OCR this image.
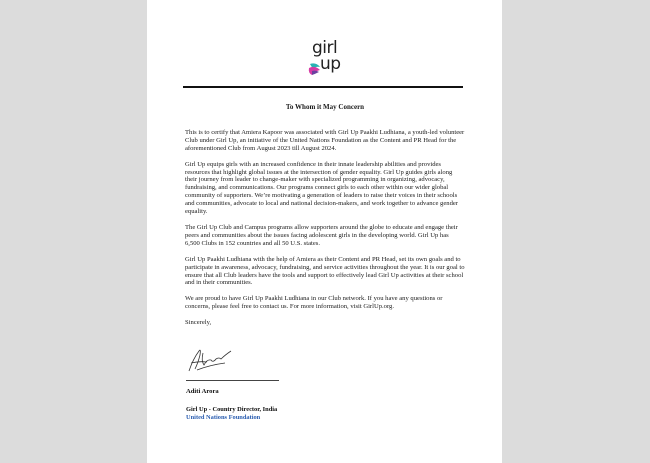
girl
up
To Whom it May Concern

This is to certify that Amiera Kapoor was associated with Girl Up Paakhi Ludhiana, a youth-led volunteer Club under Girl Up, an initiative of the United Nations Foundation as the Content and PR Head for the aforementioned Club from August 2023 till August 2024.

Girl Up equips girls with an increased confidence in their innate leadership abilities and provides resources that highlight global issues at the intersection of gender equality. Girl Up guides girls along their journey from leader to change-maker with specialized programming in organizing, advocacy, fundraising, and communications. Our programs connect girls to each other within our wider global community of supporters. We’re motivating a generation of leaders to raise their voices in their schools and communities, advocate to local and national decision-makers, and work together to advance gender equality.

The Girl Up Club and Campus programs allow supporters around the globe to educate and engage their peers and communities about the issues facing adolescent girls in the developing world. Girl Up has 6,500 Clubs in 152 countries and all 50 U.S. states.

Girl Up Paakhi Ludhiana with the help of Amiera as their Content and PR Head, set its own goals and to participate in awareness, advocacy, fundraising, and service activities throughout the year. It is our goal to ensure that all Club leaders have the tools and support to effectively lead Girl Up activities at their school and in their communities.

We are proud to have Girl Up Paakhi Ludhiana in our Club network. If you have any questions or concerns, please feel free to contact us. For more information, visit GirlUp.org.

Sincerely,

Aditi Arora
Girl Up - Country Director, India
United Nations Foundation
